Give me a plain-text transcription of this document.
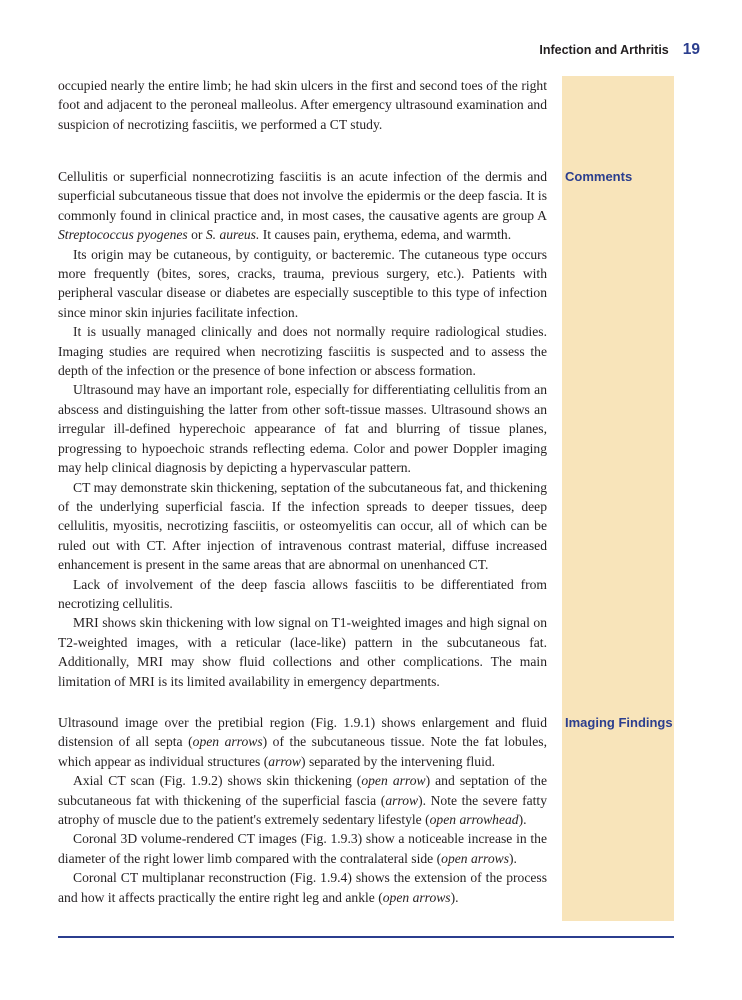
Infection and Arthritis 19

occupied nearly the entire limb; he had skin ulcers in the first and second toes of the right foot and adjacent to the peroneal malleolus. After emergency ultrasound examination and suspicion of necrotizing fasciitis, we performed a CT study.

Comments

Cellulitis or superficial nonnecrotizing fasciitis is an acute infection of the dermis and superficial subcutaneous tissue that does not involve the epidermis or the deep fascia. It is commonly found in clinical practice and, in most cases, the causative agents are group A Streptococcus pyogenes or S. aureus. It causes pain, erythema, edema, and warmth.

Its origin may be cutaneous, by contiguity, or bacteremic. The cutaneous type occurs more frequently (bites, sores, cracks, trauma, previous surgery, etc.). Patients with peripheral vascular disease or diabetes are especially susceptible to this type of infection since minor skin injuries facilitate infection.

It is usually managed clinically and does not normally require radiological studies. Imaging studies are required when necrotizing fasciitis is suspected and to assess the depth of the infection or the presence of bone infection or abscess formation.

Ultrasound may have an important role, especially for differentiating cellulitis from an abscess and distinguishing the latter from other soft-tissue masses. Ultrasound shows an irregular ill-defined hyperechoic appearance of fat and blurring of tissue planes, progressing to hypoechoic strands reflecting edema. Color and power Doppler imaging may help clinical diagnosis by depicting a hypervascular pattern.

CT may demonstrate skin thickening, septation of the subcutaneous fat, and thickening of the underlying superficial fascia. If the infection spreads to deeper tissues, deep cellulitis, myositis, necrotizing fasciitis, or osteomyelitis can occur, all of which can be ruled out with CT. After injection of intravenous contrast material, diffuse increased enhancement is present in the same areas that are abnormal on unenhanced CT.

Lack of involvement of the deep fascia allows fasciitis to be differentiated from necrotizing cellulitis.

MRI shows skin thickening with low signal on T1-weighted images and high signal on T2-weighted images, with a reticular (lace-like) pattern in the subcutaneous fat. Additionally, MRI may show fluid collections and other complications. The main limitation of MRI is its limited availability in emergency departments.

Imaging Findings

Ultrasound image over the pretibial region (Fig. 1.9.1) shows enlargement and fluid distension of all septa (open arrows) of the subcutaneous tissue. Note the fat lobules, which appear as individual structures (arrow) separated by the intervening fluid.

Axial CT scan (Fig. 1.9.2) shows skin thickening (open arrow) and septation of the subcutaneous fat with thickening of the superficial fascia (arrow). Note the severe fatty atrophy of muscle due to the patient's extremely sedentary lifestyle (open arrowhead).

Coronal 3D volume-rendered CT images (Fig. 1.9.3) show a noticeable increase in the diameter of the right lower limb compared with the contralateral side (open arrows).

Coronal CT multiplanar reconstruction (Fig. 1.9.4) shows the extension of the process and how it affects practically the entire right leg and ankle (open arrows).
